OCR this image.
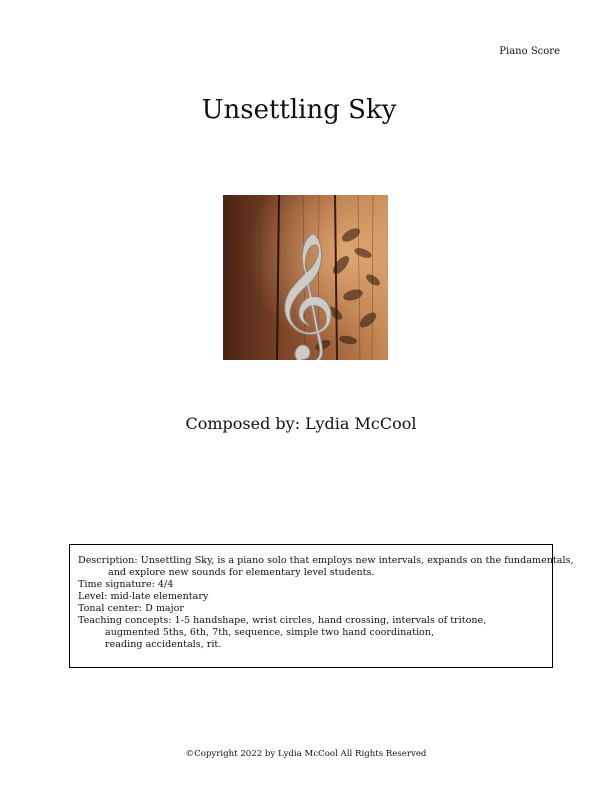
Piano Score
Unsettling Sky
𝄞
Composed by: Lydia McCool
Description: Unsettling Sky, is a piano solo that employs new intervals, expands on the fundamentals,
and explore new sounds for elementary level students.
Time signature: 4/4
Level: mid-late elementary
Tonal center: D major
Teaching concepts: 1-5 handshape, wrist circles, hand crossing, intervals of tritone,
augmented 5ths, 6th, 7th, sequence, simple two hand coordination,
reading accidentals, rit.
©Copyright 2022 by Lydia McCool All Rights Reserved
